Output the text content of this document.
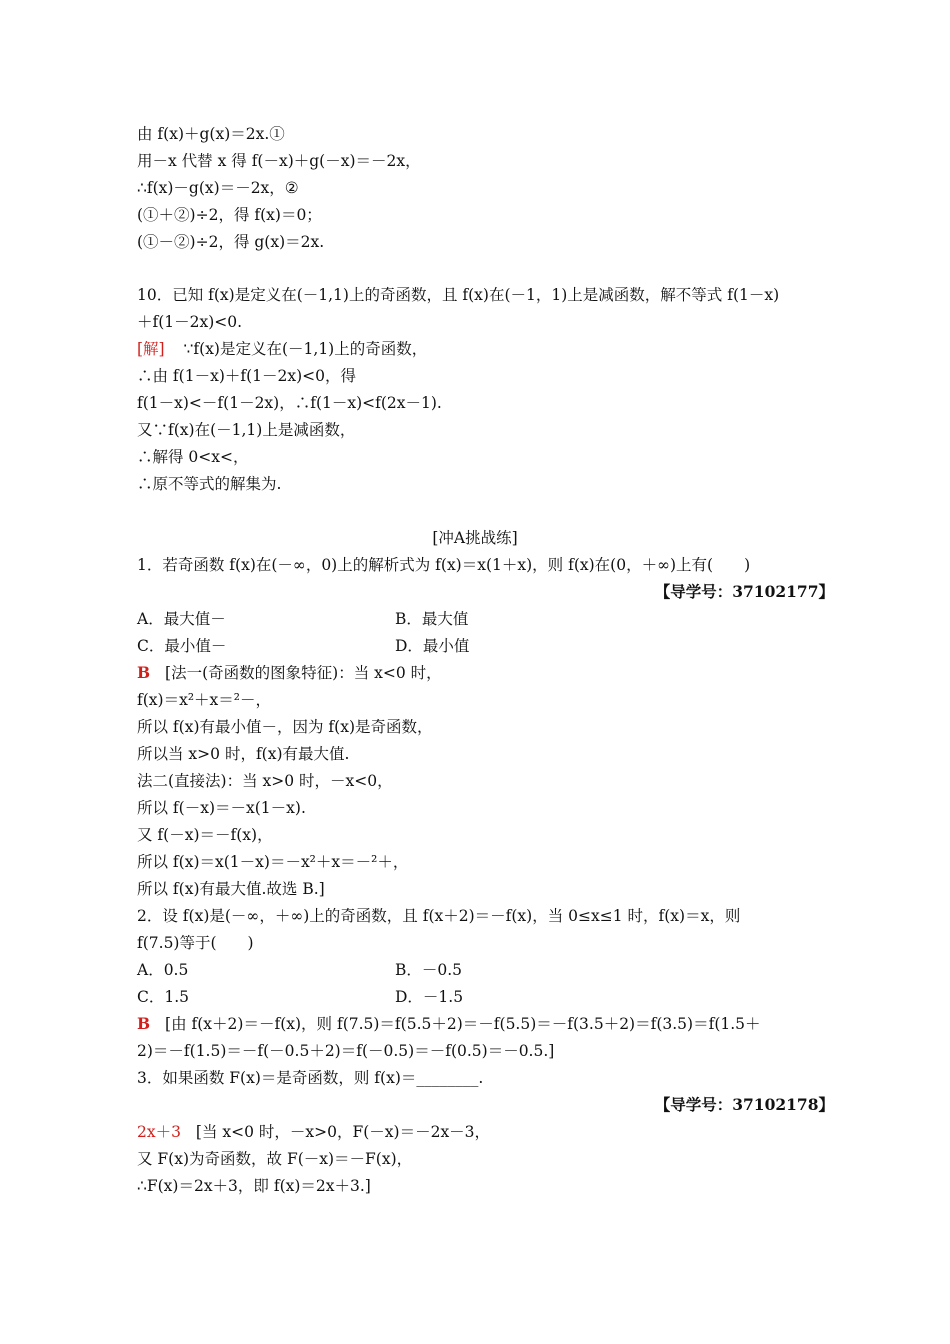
由 f(x)＋g(x)＝2x.①
用－x 代替 x 得 f(－x)＋g(－x)＝－2x，
∴f(x)－g(x)＝－2x，②
(①＋②)÷2，得 f(x)＝0；
(①－②)÷2，得 g(x)＝2x.
10．已知 f(x)是定义在(－1,1)上的奇函数，且 f(x)在(－1，1)上是减函数，解不等式 f(1－x)
＋f(1－2x)<0.
[解] ∵f(x)是定义在(－1,1)上的奇函数，
∴由 f(1－x)＋f(1－2x)<0，得
f(1－x)<－f(1－2x)，∴f(1－x)<f(2x－1).
又∵f(x)在(－1,1)上是减函数，
∴解得 0<x<，
∴原不等式的解集为.
[冲A挑战练]
1．若奇函数 f(x)在(－∞，0)上的解析式为 f(x)＝x(1＋x)，则 f(x)在(0，＋∞)上有(　　)
【导学号：37102177】
A．最大值－	B．最大值
C．最小值－	D．最小值
B [法一(奇函数的图象特征)：当 x<0 时，
f(x)＝x²＋x＝²－，
所以 f(x)有最小值－，因为 f(x)是奇函数，
所以当 x>0 时，f(x)有最大值.
法二(直接法)：当 x>0 时，－x<0，
所以 f(－x)＝－x(1－x).
又 f(－x)＝－f(x)，
所以 f(x)＝x(1－x)＝－x²＋x＝－²＋，
所以 f(x)有最大值.故选 B.]
2．设 f(x)是(－∞，＋∞)上的奇函数，且 f(x＋2)＝－f(x)，当 0≤x≤1 时，f(x)＝x，则
f(7.5)等于(　　)
A．0.5	B．－0.5
C．1.5	D．－1.5
B [由 f(x＋2)＝－f(x)，则 f(7.5)＝f(5.5＋2)＝－f(5.5)＝－f(3.5＋2)＝f(3.5)＝f(1.5＋
2)＝－f(1.5)＝－f(－0.5＋2)＝f(－0.5)＝－f(0.5)＝－0.5.]
3．如果函数 F(x)＝是奇函数，则 f(x)＝________.
【导学号：37102178】
2x＋3 [当 x<0 时，－x>0，F(－x)＝－2x－3，
又 F(x)为奇函数，故 F(－x)＝－F(x)，
∴F(x)＝2x＋3，即 f(x)＝2x＋3.]
